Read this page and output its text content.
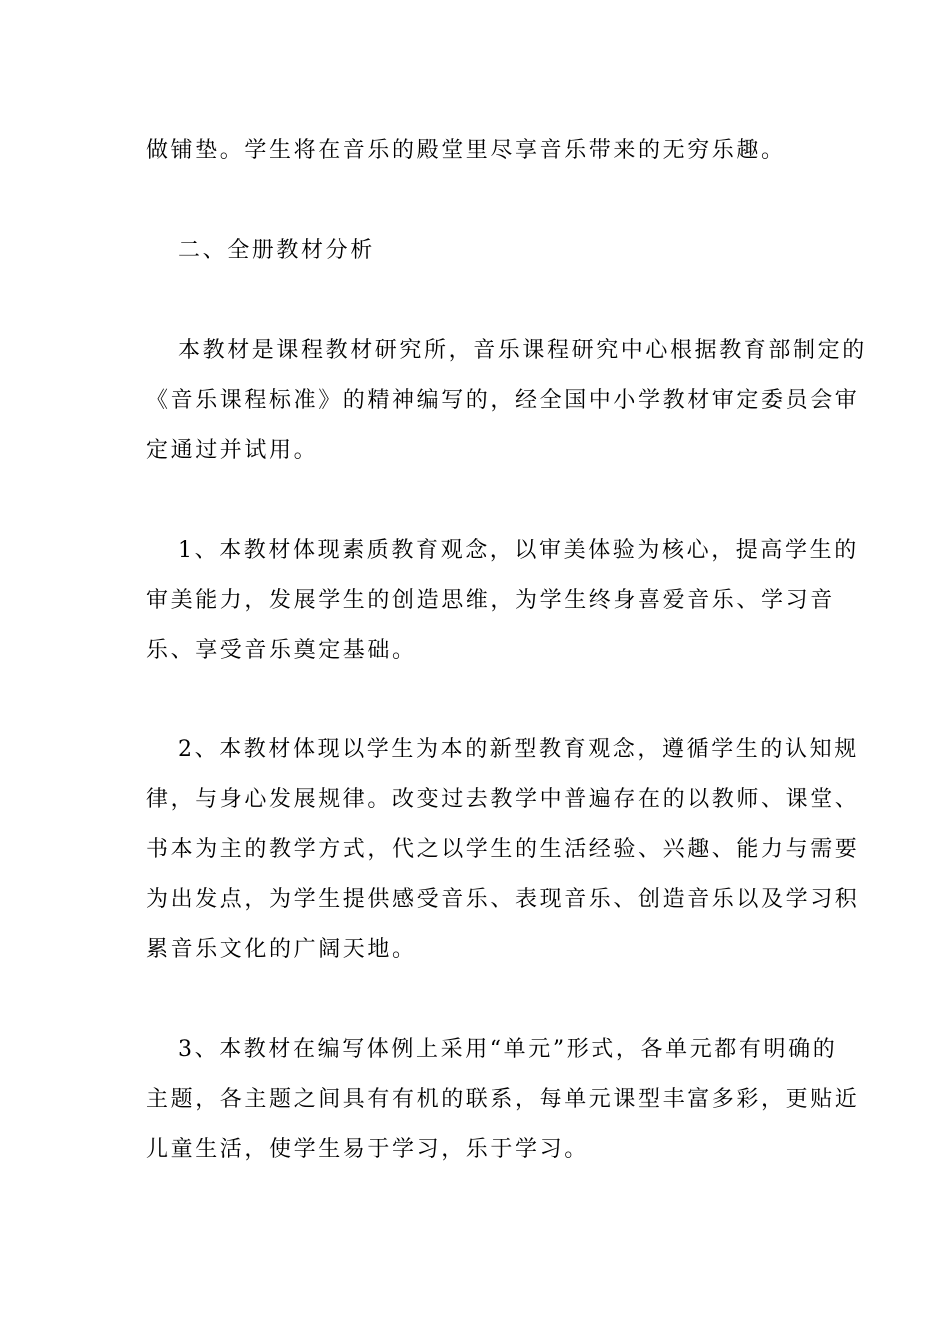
做铺垫。学生将在音乐的殿堂里尽享音乐带来的无穷乐趣。
二、全册教材分析
本教材是课程教材研究所，音乐课程研究中心根据教育部制定的
《音乐课程标准》的精神编写的，经全国中小学教材审定委员会审
定通过并试用。
1、本教材体现素质教育观念，以审美体验为核心，提高学生的
审美能力，发展学生的创造思维，为学生终身喜爱音乐、学习音
乐、享受音乐奠定基础。
2、本教材体现以学生为本的新型教育观念，遵循学生的认知规
律，与身心发展规律。改变过去教学中普遍存在的以教师、课堂、
书本为主的教学方式，代之以学生的生活经验、兴趣、能力与需要
为出发点，为学生提供感受音乐、表现音乐、创造音乐以及学习积
累音乐文化的广阔天地。
3、本教材在编写体例上采用“单元”形式，各单元都有明确的
主题，各主题之间具有有机的联系，每单元课型丰富多彩，更贴近
儿童生活，使学生易于学习，乐于学习。
